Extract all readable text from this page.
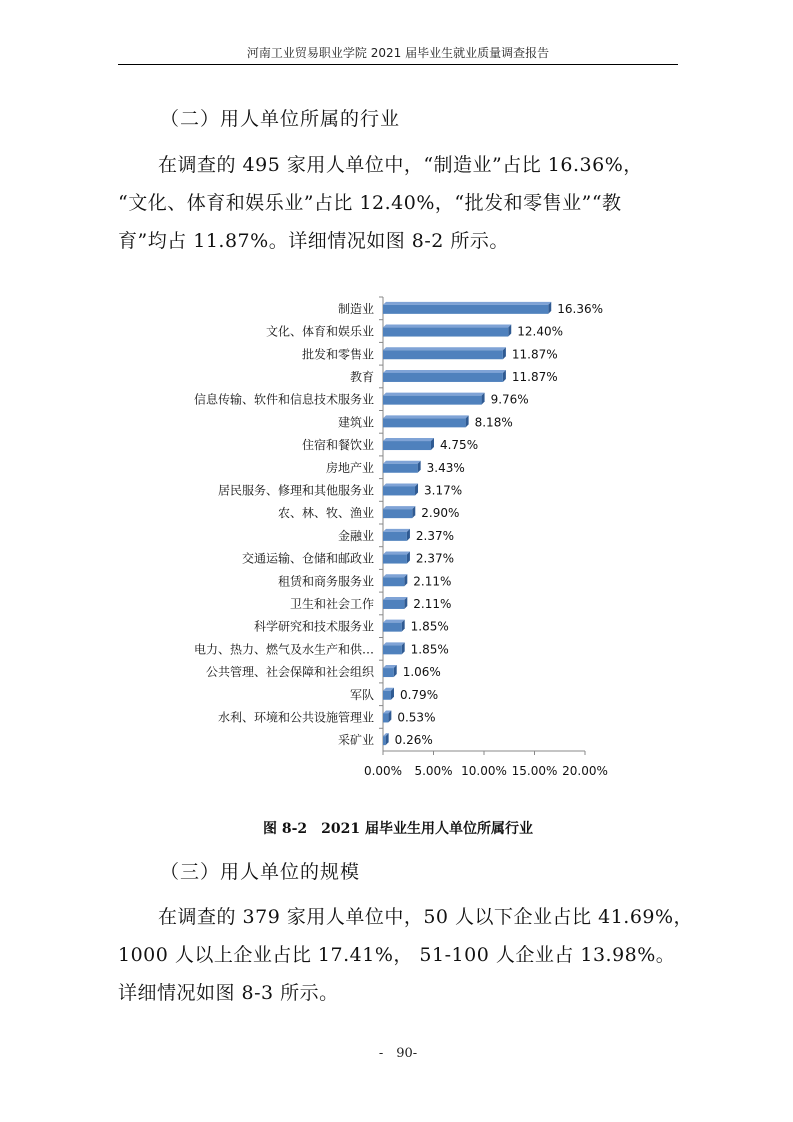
河南工业贸易职业学院 2021 届毕业生就业质量调查报告
（二）用人单位所属的行业
在调查的 495 家用人单位中，“制造业”占比 16.36%，
“文化、体育和娱乐业”占比 12.40%，“批发和零售业”“教
育”均占 11.87%。详细情况如图 8-2 所示。
0.00% 5.00% 10.00% 15.00% 20.00%
制造业	16.36%
文化、体育和娱乐业	12.40%
批发和零售业	11.87%
教育	11.87%
信息传输、软件和信息技术服务业	9.76%
建筑业	8.18%
住宿和餐饮业	4.75%
房地产业	3.43%
居民服务、修理和其他服务业	3.17%
农、林、牧、渔业	2.90%
金融业	2.37%
交通运输、仓储和邮政业	2.37%
租赁和商务服务业	2.11%
卫生和社会工作	2.11%
科学研究和技术服务业	1.85%
电力、热力、燃气及水生产和供…	1.85%
公共管理、社会保障和社会组织 1.06%
军队 0.79%
水利、环境和公共设施管理业 0.53%
采矿业 0.26%
图 8-2　2021 届毕业生用人单位所属行业
（三）用人单位的规模
在调查的 379 家用人单位中，50 人以下企业占比 41.69%，
1000 人以上企业占比 17.41%， 51-100 人企业占 13.98%。
详细情况如图 8-3 所示。
-　90-
